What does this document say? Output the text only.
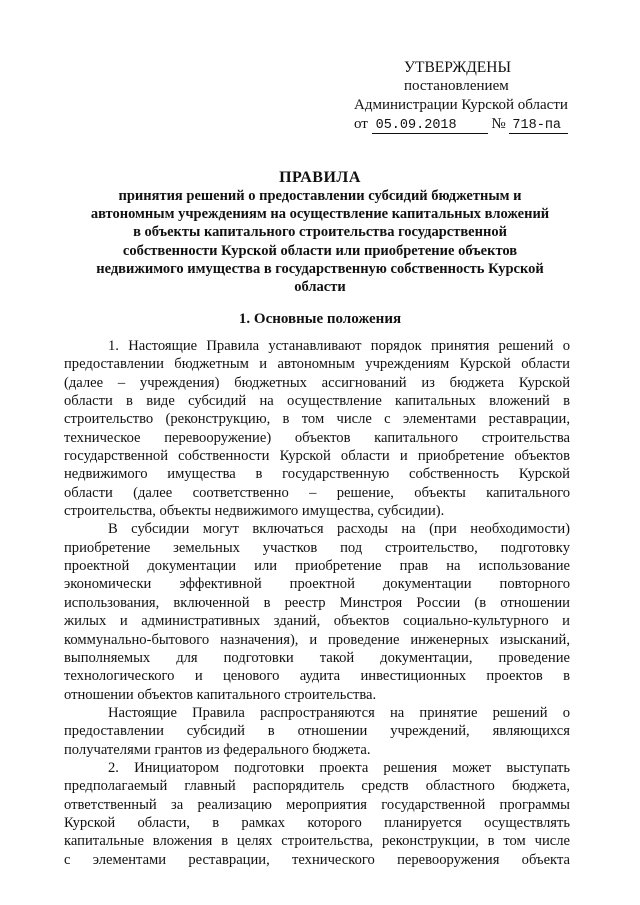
УТВЕРЖДЕНЫ
постановлением
Администрации Курской области
от 05.09.2018 № 718-па
ПРАВИЛА
принятия решений о предоставлении субсидий бюджетным и
автономным учреждениям на осуществление капитальных вложений
в объекты капитального строительства государственной
собственности Курской области или приобретение объектов
недвижимого имущества в государственную собственность Курской
области
1. Основные положения
1. Настоящие Правила устанавливают порядок принятия решений о
предоставлении бюджетным и автономным учреждениям Курской области
(далее – учреждения) бюджетных ассигнований из бюджета Курской
области в виде субсидий на осуществление капитальных вложений в
строительство (реконструкцию, в том числе с элементами реставрации,
техническое перевооружение) объектов капитального строительства
государственной собственности Курской области и приобретение объектов
недвижимого имущества в государственную собственность Курской
области (далее соответственно – решение, объекты капитального
строительства, объекты недвижимого имущества, субсидии).
В субсидии могут включаться расходы на (при необходимости)
приобретение земельных участков под строительство, подготовку
проектной документации или приобретение прав на использование
экономически эффективной проектной документации повторного
использования, включенной в реестр Минстроя России (в отношении
жилых и административных зданий, объектов социально-культурного и
коммунально-бытового назначения), и проведение инженерных изысканий,
выполняемых для подготовки такой документации, проведение
технологического и ценового аудита инвестиционных проектов в
отношении объектов капитального строительства.
Настоящие Правила распространяются на принятие решений о
предоставлении субсидий в отношении учреждений, являющихся
получателями грантов из федерального бюджета.
2. Инициатором подготовки проекта решения может выступать
предполагаемый главный распорядитель средств областного бюджета,
ответственный за реализацию мероприятия государственной программы
Курской области, в рамках которого планируется осуществлять
капитальные вложения в целях строительства, реконструкции, в том числе
с элементами реставрации, технического перевооружения объекта
